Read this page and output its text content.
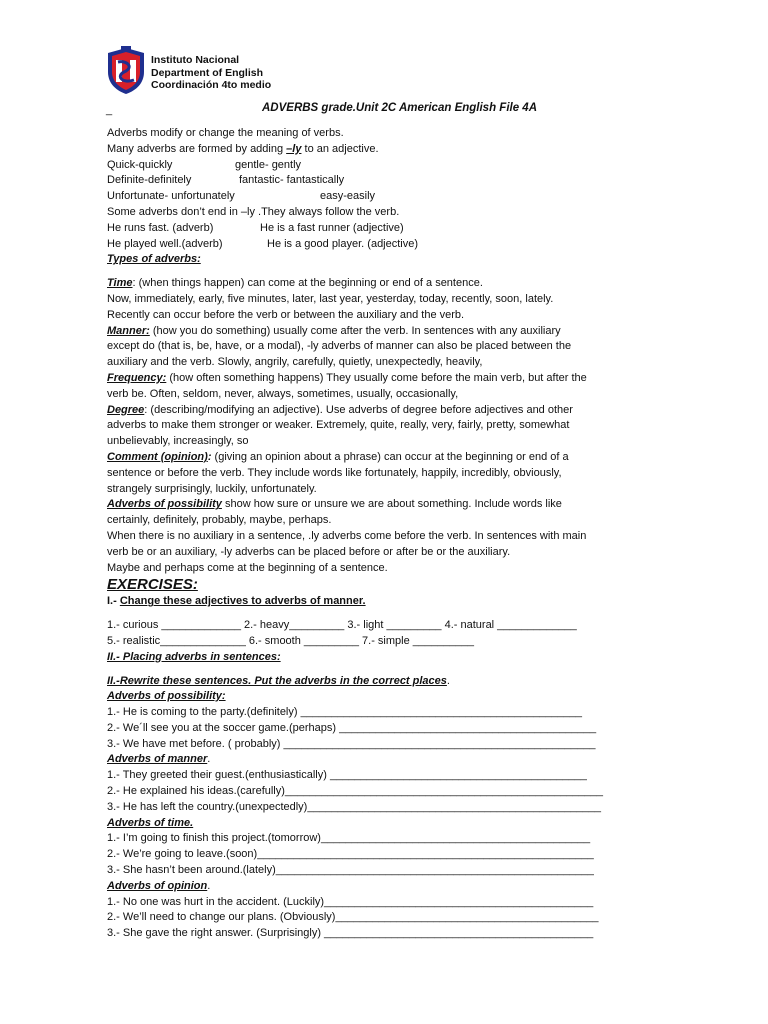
Instituto Nacional
Department of English
Coordinación 4to medio
_	ADVERBS grade.Unit 2C American English File 4A
Adverbs modify or change the meaning of verbs.
Many adverbs are formed by adding –ly to an adjective.
Quick-quickly	gentle- gently
Definite-definitely	fantastic- fantastically
Unfortunate- unfortunately	easy-easily
Some adverbs don’t end in –ly .They always follow the verb.
He runs fast. (adverb)	He is a fast runner (adjective)
He played well.(adverb)	He is a good player. (adjective)
Types of adverbs:
Time: (when things happen) can come at the beginning or end of a sentence.
Now, immediately, early, five minutes, later, last year, yesterday, today, recently, soon, lately.
Recently can occur before the verb or between the auxiliary and the verb.
Manner: (how you do something) usually come after the verb. In sentences with any auxiliary
except do (that is, be, have, or a modal), -ly adverbs of manner can also be placed between the
auxiliary and the verb. Slowly, angrily, carefully, quietly, unexpectedly, heavily,
Frequency: (how often something happens) They usually come before the main verb, but after the
verb be. Often, seldom, never, always, sometimes, usually, occasionally,
Degree: (describing/modifying an adjective). Use adverbs of degree before adjectives and other
adverbs to make them stronger or weaker. Extremely, quite, really, very, fairly, pretty, somewhat
unbelievably, increasingly, so
Comment (opinion): (giving an opinion about a phrase) can occur at the beginning or end of a
sentence or before the verb. They include words like fortunately, happily, incredibly, obviously,
strangely surprisingly, luckily, unfortunately.
Adverbs of possibility show how sure or unsure we are about something. Include words like
certainly, definitely, probably, maybe, perhaps.
When there is no auxiliary in a sentence, .ly adverbs come before the verb. In sentences with main
verb be or an auxiliary, -ly adverbs can be placed before or after be or the auxiliary.
Maybe and perhaps come at the beginning of a sentence.
EXERCISES:
I.- Change these adjectives to adverbs of manner.
1.- curious _____________ 2.- heavy_________ 3.- light _________ 4.- natural _____________
5.- realistic______________ 6.- smooth _________ 7.- simple __________
II.- Placing adverbs in sentences:
II.-Rewrite these sentences. Put the adverbs in the correct places.
Adverbs of possibility:
1.- He is coming to the party.(definitely) ______________________________________________
2.- We´ll see you at the soccer game.(perhaps) __________________________________________
3.- We have met before. ( probably) ___________________________________________________
Adverbs of manner.
1.- They greeted their guest.(enthusiastically) __________________________________________
2.- He explained his ideas.(carefully)____________________________________________________
3.- He has left the country.(unexpectedly)________________________________________________
Adverbs of time.
1.- I’m going to finish this project.(tomorrow)____________________________________________
2.- We’re going to leave.(soon)_______________________________________________________
3.- She hasn’t been around.(lately)____________________________________________________
Adverbs of opinion.
1.- No one was hurt in the accident. (Luckily)____________________________________________
2.- We’ll need to change our plans. (Obviously)___________________________________________
3.- She gave the right answer. (Surprisingly) ____________________________________________
